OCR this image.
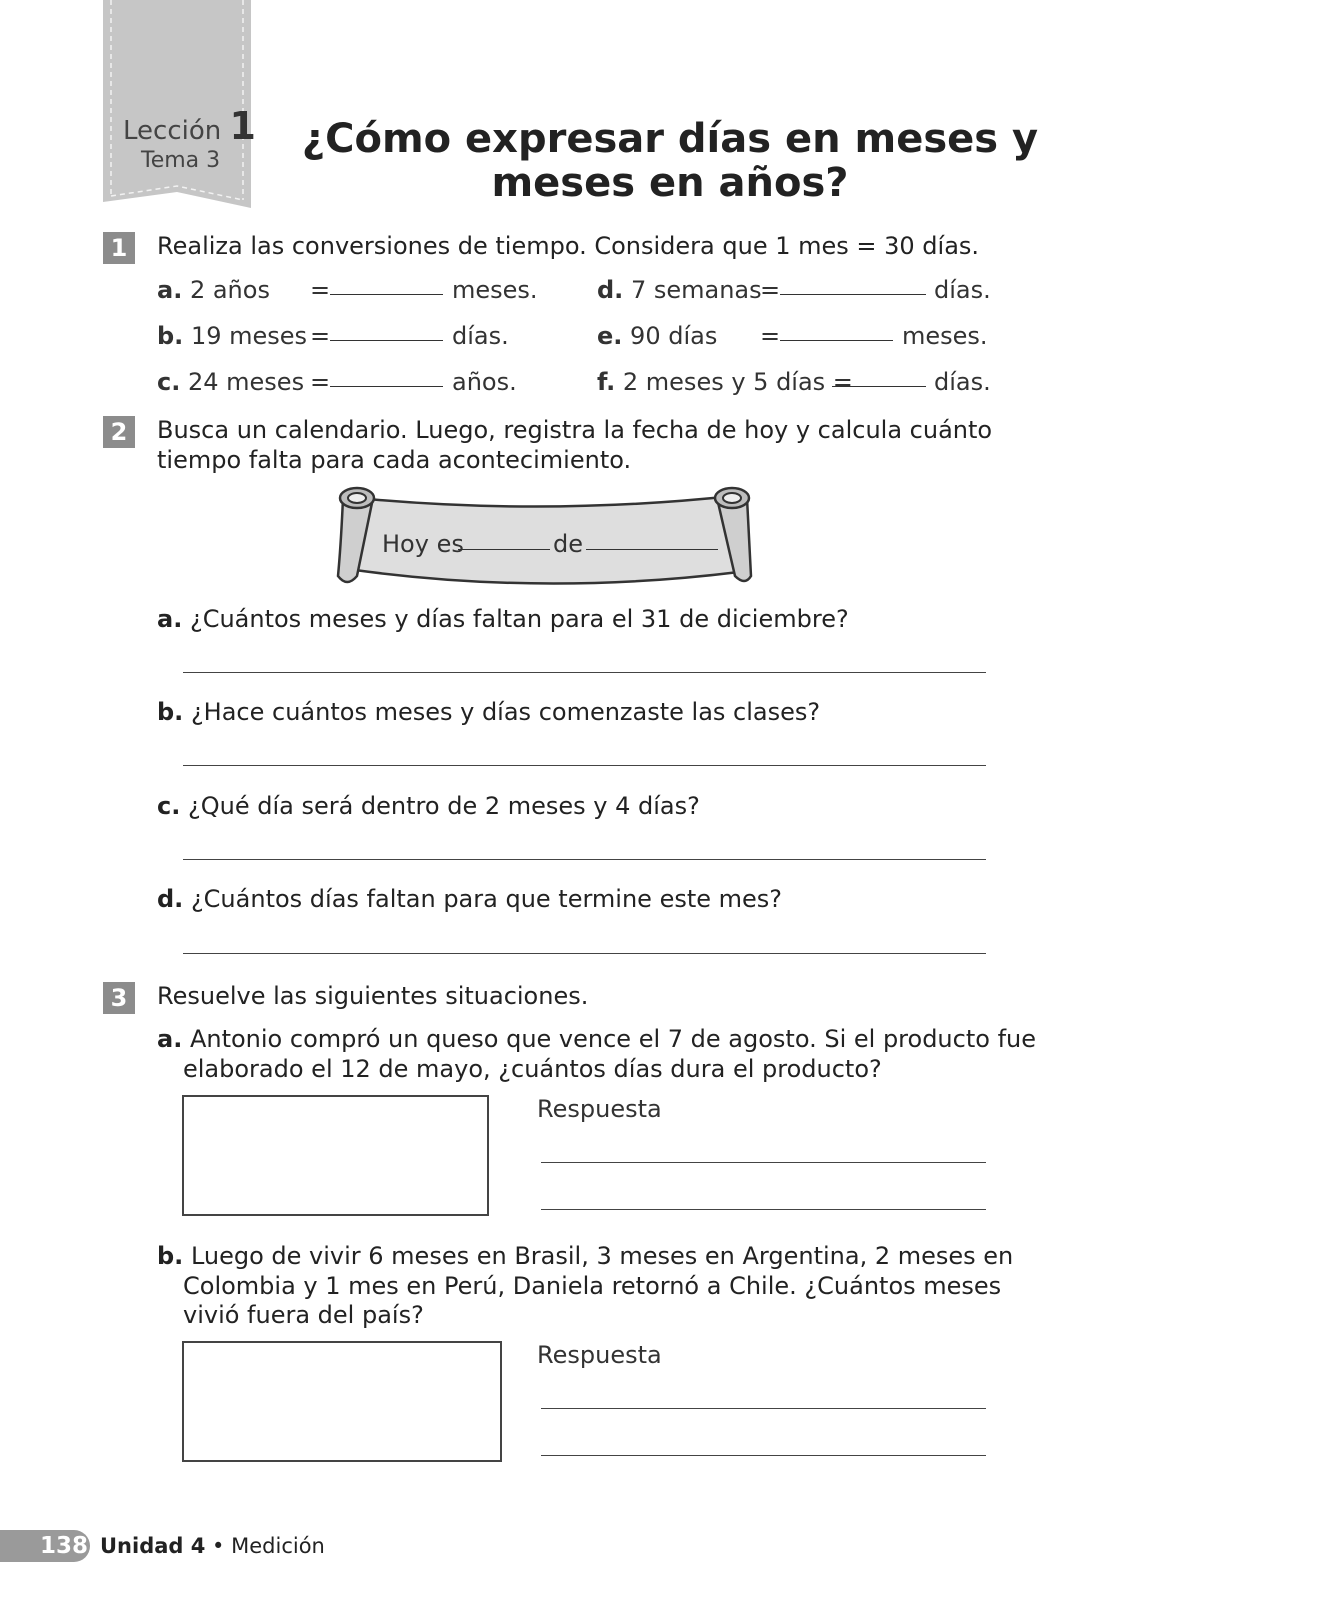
Lección 1
Tema 3	¿Cómo expresar días en meses y
meses en años?
1	Realiza las conversiones de tiempo. Considera que 1 mes = 30 días.
a. 2 años =	meses.
b. 19 meses =	días.
c. 24 meses =	años.
d. 7 semanas
=	días.
e. 90 días =	meses.
f. 2 meses y 5 días =	días.
2	Busca un calendario. Luego, registra la fecha de hoy y calcula cuánto
tiempo falta para cada acontecimiento.
Hoy es	de
a. ¿Cuántos meses y días faltan para el 31 de diciembre?
b. ¿Hace cuántos meses y días comenzaste las clases?
c. ¿Qué día será dentro de 2 meses y 4 días?
d. ¿Cuántos días faltan para que termine este mes?
3	Resuelve las siguientes situaciones.
a. Antonio compró un queso que vence el 7 de agosto. Si el producto fue
elaborado el 12 de mayo, ¿cuántos días dura el producto?
Respuesta
b. Luego de vivir 6 meses en Brasil, 3 meses en Argentina, 2 meses en
Colombia y 1 mes en Perú, Daniela retornó a Chile. ¿Cuántos meses
vivió fuera del país?
Respuesta
138 Unidad 4 • Medición
